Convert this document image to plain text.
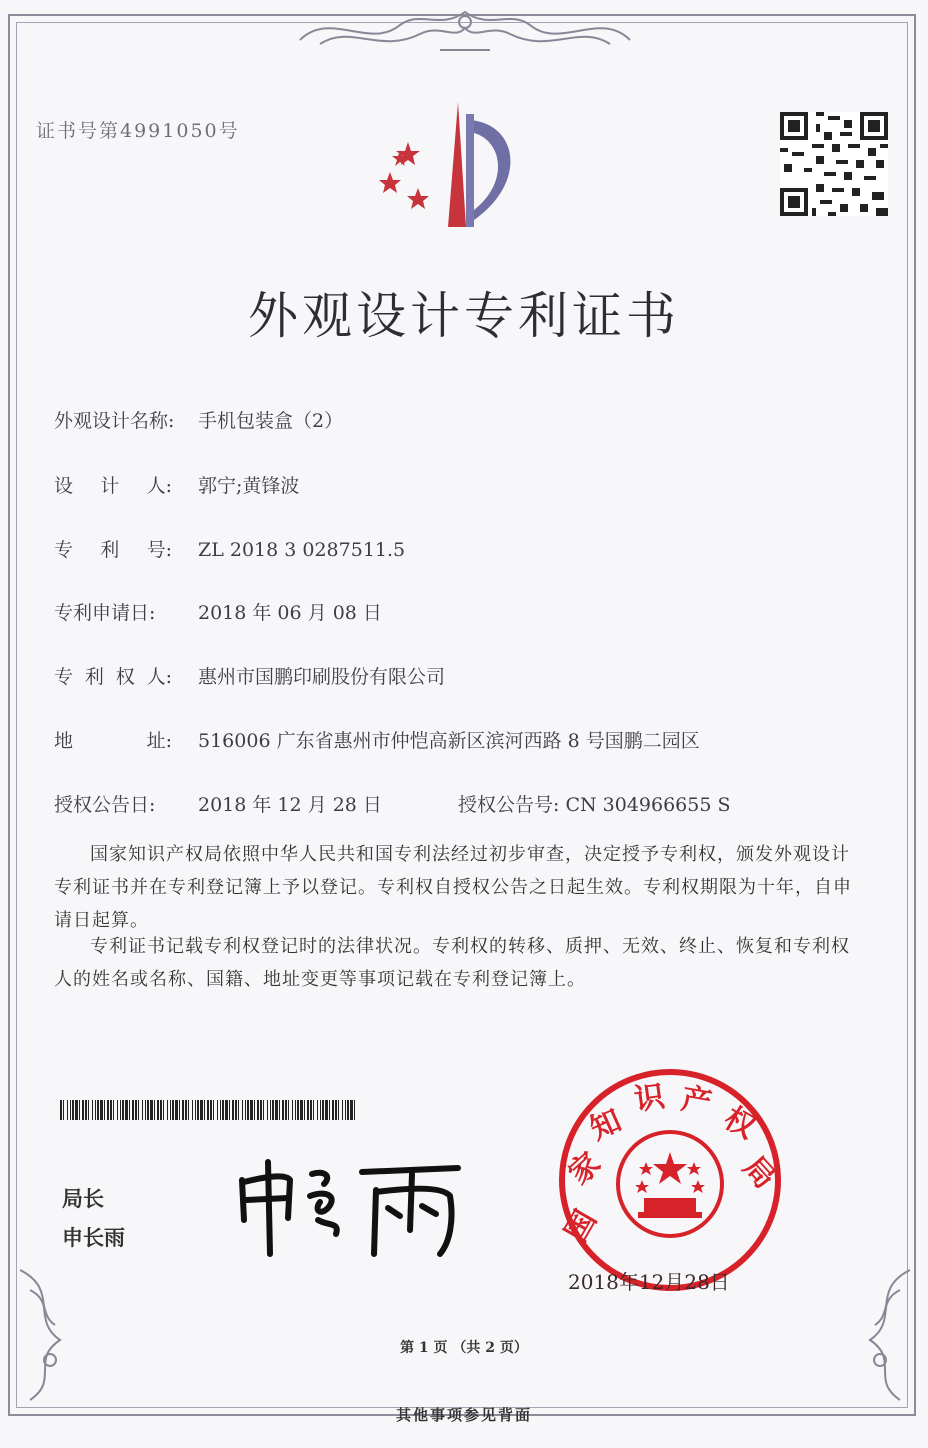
证书号第4991050号
外观设计专利证书
外观设计名称: 手机包装盒（2）
设 计 人: 郭宁;黄锋波
专 利 号: ZL 2018 3 0287511.5
专利申请日: 2018 年 06 月 08 日
专 利 权 人: 惠州市国鹏印刷股份有限公司
地	址: 516006 广东省惠州市仲恺高新区滨河西路 8 号国鹏二园区
授权公告日: 2018 年 12 月 28 日	授权公告号: CN 304966655 S
国家知识产权局依照中华人民共和国专利法经过初步审查，决定授予专利权，颁发外观设计专利证书并在专利登记簿上予以登记。专利权自授权公告之日起生效。专利权期限为十年，自申请日起算。
专利证书记载专利权登记时的法律状况。专利权的转移、质押、无效、终止、恢复和专利权人的姓名或名称、国籍、地址变更等事项记载在专利登记簿上。
局长
申长雨	国
家
知
识 产 权
局
2018年12月28日
第 1 页 （共 2 页）
其他事项参见背面
